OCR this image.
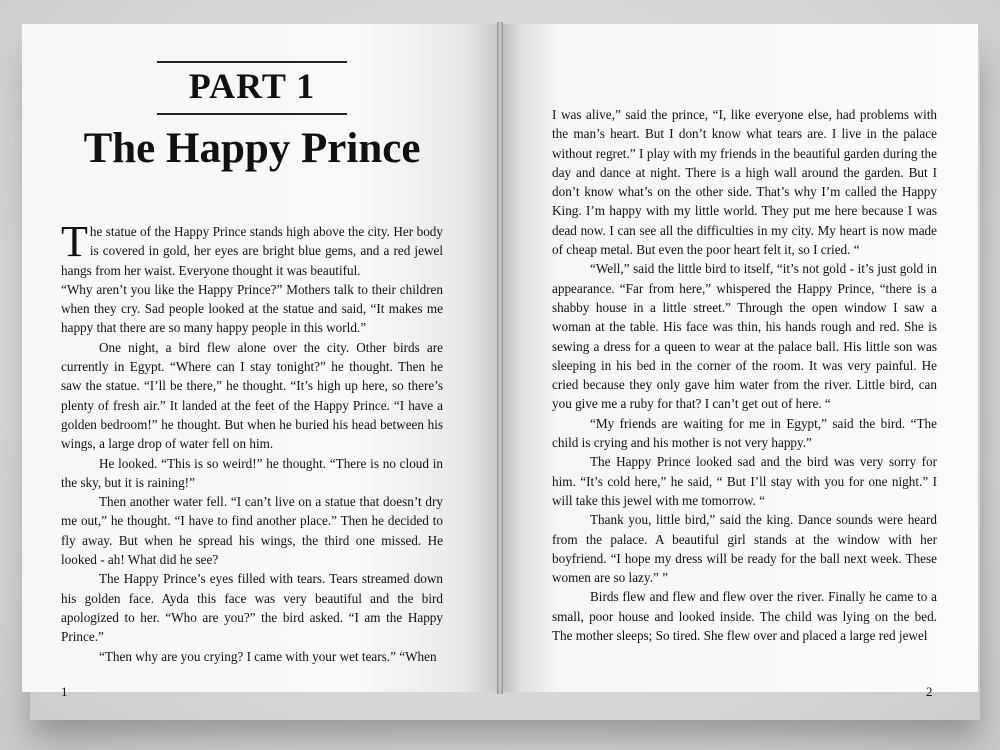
PART 1
The Happy Prince

The statue of the Happy Prince stands high above the city. Her body is covered in gold, her eyes are bright blue gems, and a red jewel hangs from her waist. Everyone thought it was beautiful.

“Why aren’t you like the Happy Prince?” Mothers talk to their children when they cry. Sad people looked at the statue and said, “It makes me happy that there are so many happy people in this world.”

One night, a bird flew alone over the city. Other birds are currently in Egypt. “Where can I stay tonight?” he thought. Then he saw the statue. “I’ll be there,” he thought. “It’s high up here, so there’s plenty of fresh air.” It landed at the feet of the Happy Prince. “I have a golden bedroom!” he thought. But when he buried his head between his wings, a large drop of water fell on him.

He looked. “This is so weird!” he thought. “There is no cloud in the sky, but it is raining!”

Then another water fell. “I can’t live on a statue that doesn’t dry me out,” he thought. “I have to find another place.” Then he decided to fly away. But when he spread his wings, the third one missed. He looked - ah! What did he see?

The Happy Prince’s eyes filled with tears. Tears streamed down his golden face. Ayda this face was very beautiful and the bird apologized to her. “Who are you?” the bird asked. “I am the Happy Prince.”

“Then why are you crying? I came with your wet tears.” “When

1

I was alive,” said the prince, “I, like everyone else, had problems with the man’s heart. But I don’t know what tears are. I live in the palace without regret.” I play with my friends in the beautiful garden during the day and dance at night. There is a high wall around the garden. But I don’t know what’s on the other side. That’s why I’m called the Happy King. I’m happy with my little world. They put me here because I was dead now. I can see all the difficulties in my city. My heart is now made of cheap metal. But even the poor heart felt it, so I cried. “

“Well,” said the little bird to itself, “it’s not gold - it’s just gold in appearance. “Far from here,” whispered the Happy Prince, “there is a shabby house in a little street.” Through the open window I saw a woman at the table. His face was thin, his hands rough and red. She is sewing a dress for a queen to wear at the palace ball. His little son was sleeping in his bed in the corner of the room. It was very painful. He cried because they only gave him water from the river. Little bird, can you give me a ruby for that? I can’t get out of here. “

“My friends are waiting for me in Egypt,” said the bird. “The child is crying and his mother is not very happy.”

The Happy Prince looked sad and the bird was very sorry for him. “It’s cold here,” he said, “ But I’ll stay with you for one night.” I will take this jewel with me tomorrow. “

Thank you, little bird,” said the king. Dance sounds were heard from the palace. A beautiful girl stands at the window with her boyfriend. “I hope my dress will be ready for the ball next week. These women are so lazy.” ”

Birds flew and flew and flew over the river. Finally he came to a small, poor house and looked inside. The child was lying on the bed. The mother sleeps; So tired. She flew over and placed a large red jewel

2
